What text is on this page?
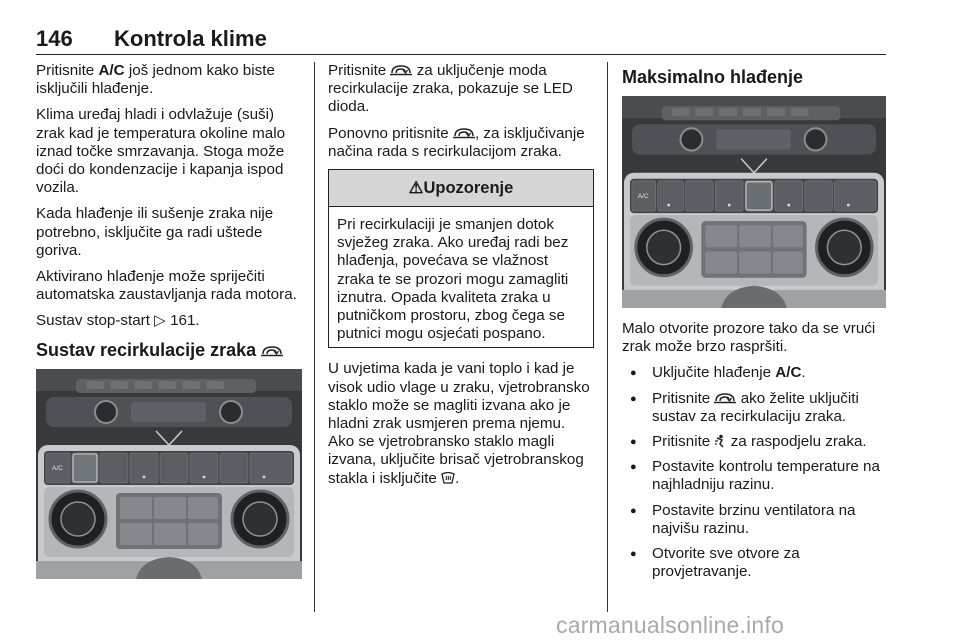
146 Kontrola klime

Pritisnite A/C još jednom kako biste isključili hlađenje.

Klima uređaj hladi i odvlažuje (suši) zrak kad je temperatura okoline malo iznad točke smrzavanja. Stoga može doći do kondenzacije i kapanja ispod vozila.

Kada hlađenje ili sušenje zraka nije potrebno, isključite ga radi uštede goriva.

Aktivirano hlađenje može spriječiti automatska zaustavljanja rada motora.

Sustav stop-start ▷ 161.

Sustav recirkulacije zraka
A/C

Pritisnite  za uključenje moda recirkulacije zraka, pokazuje se LED dioda.

Ponovno pritisnite , za isključivanje načina rada s recirkulacijom zraka.

⚠Upozorenje
Pri recirkulaciji je smanjen dotok svježeg zraka. Ako uređaj radi bez hlađenja, povećava se vlažnost zraka te se prozori mogu zamagliti iznutra. Opada kvaliteta zraka u putničkom prostoru, zbog čega se putnici mogu osjećati pospano.

U uvjetima kada je vani toplo i kad je visok udio vlage u zraku, vjetrobransko staklo može se magliti izvana ako je hladni zrak usmjeren prema njemu. Ako se vjetrobransko staklo magli izvana, uključite brisač vjetrobranskog stakla i isključite .

Maksimalno hlađenje
A/C

Malo otvorite prozore tako da se vrući zrak može brzo raspršiti.

● Uključite hlađenje A/C.
● Pritisnite  ako želite uključiti sustav za recirkulaciju zraka.
● Pritisnite  za raspodjelu zraka.
● Postavite kontrolu temperature na najhladniju razinu.
● Postavite brzinu ventilatora na najvišu razinu.
● Otvorite sve otvore za provjetravanje.
carmanualsonline.info
